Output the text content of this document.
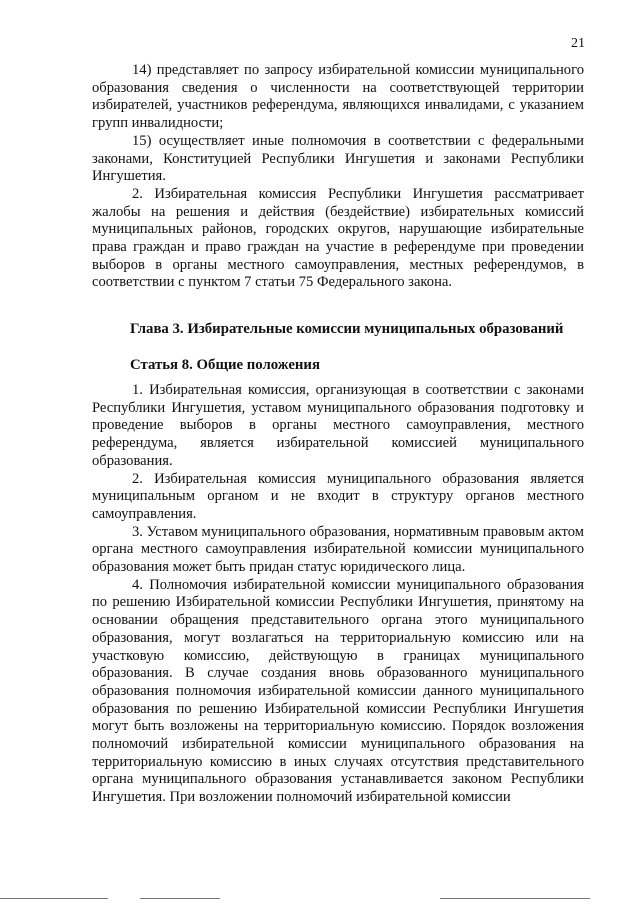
21

14) представляет по запросу избирательной комиссии муниципального образования сведения о численности на соответствующей территории избирателей, участников референдума, являющихся инвалидами, с указанием групп инвалидности;

15) осуществляет иные полномочия в соответствии с федеральными законами, Конституцией Республики Ингушетия и законами Республики Ингушетия.

2. Избирательная комиссия Республики Ингушетия рассматривает жалобы на решения и действия (бездействие) избирательных комиссий муниципальных районов, городских округов, нарушающие избирательные права граждан и право граждан на участие в референдуме при проведении выборов в органы местного самоуправления, местных референдумов, в соответствии с пунктом 7 статьи 75 Федерального закона.

Глава 3. Избирательные комиссии муниципальных образований
Статья 8. Общие положения

1. Избирательная комиссия, организующая в соответствии с законами Республики Ингушетия, уставом муниципального образования подготовку и проведение выборов в органы местного самоуправления, местного референдума, является избирательной комиссией муниципального образования.

2. Избирательная комиссия муниципального образования является муниципальным органом и не входит в структуру органов местного самоуправления.

3. Уставом муниципального образования, нормативным правовым актом органа местного самоуправления избирательной комиссии муниципального образования может быть придан статус юридического лица.

4. Полномочия избирательной комиссии муниципального образования по решению Избирательной комиссии Республики Ингушетия, принятому на основании обращения представительного органа этого муниципального образования, могут возлагаться на территориальную комиссию или на участковую комиссию, действующую в границах муниципального образования. В случае создания вновь образованного муниципального образования полномочия избирательной комиссии данного муниципального образования по решению Избирательной комиссии Республики Ингушетия могут быть возложены на территориальную комиссию. Порядок возложения полномочий избирательной комиссии муниципального образования на территориальную комиссию в иных случаях отсутствия представительного органа муниципального образования устанавливается законом Республики Ингушетия. При возложении полномочий избирательной комиссии
